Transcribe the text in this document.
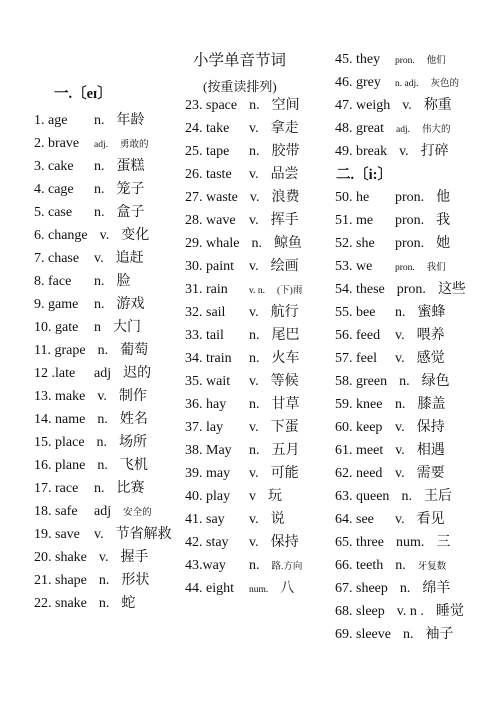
一.〔eɪ〕
1. age n. 年龄
2. brave adj. 勇敢的
3. cake n. 蛋糕
4. cage n. 笼子
5. case n. 盒子
6. change v. 变化
7. chase v. 追赶
8. face n. 脸
9. game n. 游戏
10. gate n 大门
11. grape n. 葡萄
12 .late adj 迟的
13. make v. 制作
14. name n. 姓名
15. place n. 场所
16. plane n. 飞机
17. race n. 比赛
18. safe adj 安全的
19. save v. 节省解救
20. shake v. 握手
21. shape n. 形状
22. snake n. 蛇
小学单音节词
(按重读排列)
23. space n. 空间
24. take v. 拿走
25. tape n. 胶带
26. taste v. 品尝
27. waste v. 浪费
28. wave v. 挥手
29. whale n. 鲸鱼
30. paint v. 绘画
31. rain v. n. (下)雨
32. sail v. 航行
33. tail n. 尾巴
34. train n. 火车
35. wait v. 等候
36. hay n. 甘草
37. lay v. 下蛋
38. May n. 五月
39. may v. 可能
40. play v 玩
41. say v. 说
42. stay v. 保持
43.way n. 路.方向
44. eight num. 八
45. they pron. 他们
46. grey n. adj. 灰色的
47. weigh v. 称重
48. great adj. 伟大的
49. break v. 打碎
50. he pron. 他
51. me pron. 我
52. she pron. 她
53. we pron. 我们
54. these pron. 这些
55. bee n. 蜜蜂
56. feed v. 喂养
57. feel v. 感觉
58. green n. 绿色
59. knee n. 膝盖
60. keep v. 保持
61. meet v. 相遇
62. need v. 需要
63. queen n. 王后
64. see v. 看见
65. three num. 三
66. teeth n. 牙复数
67. sheep n. 绵羊
68. sleep v. n . 睡觉
69. sleeve n. 袖子
二.〔i:〕
